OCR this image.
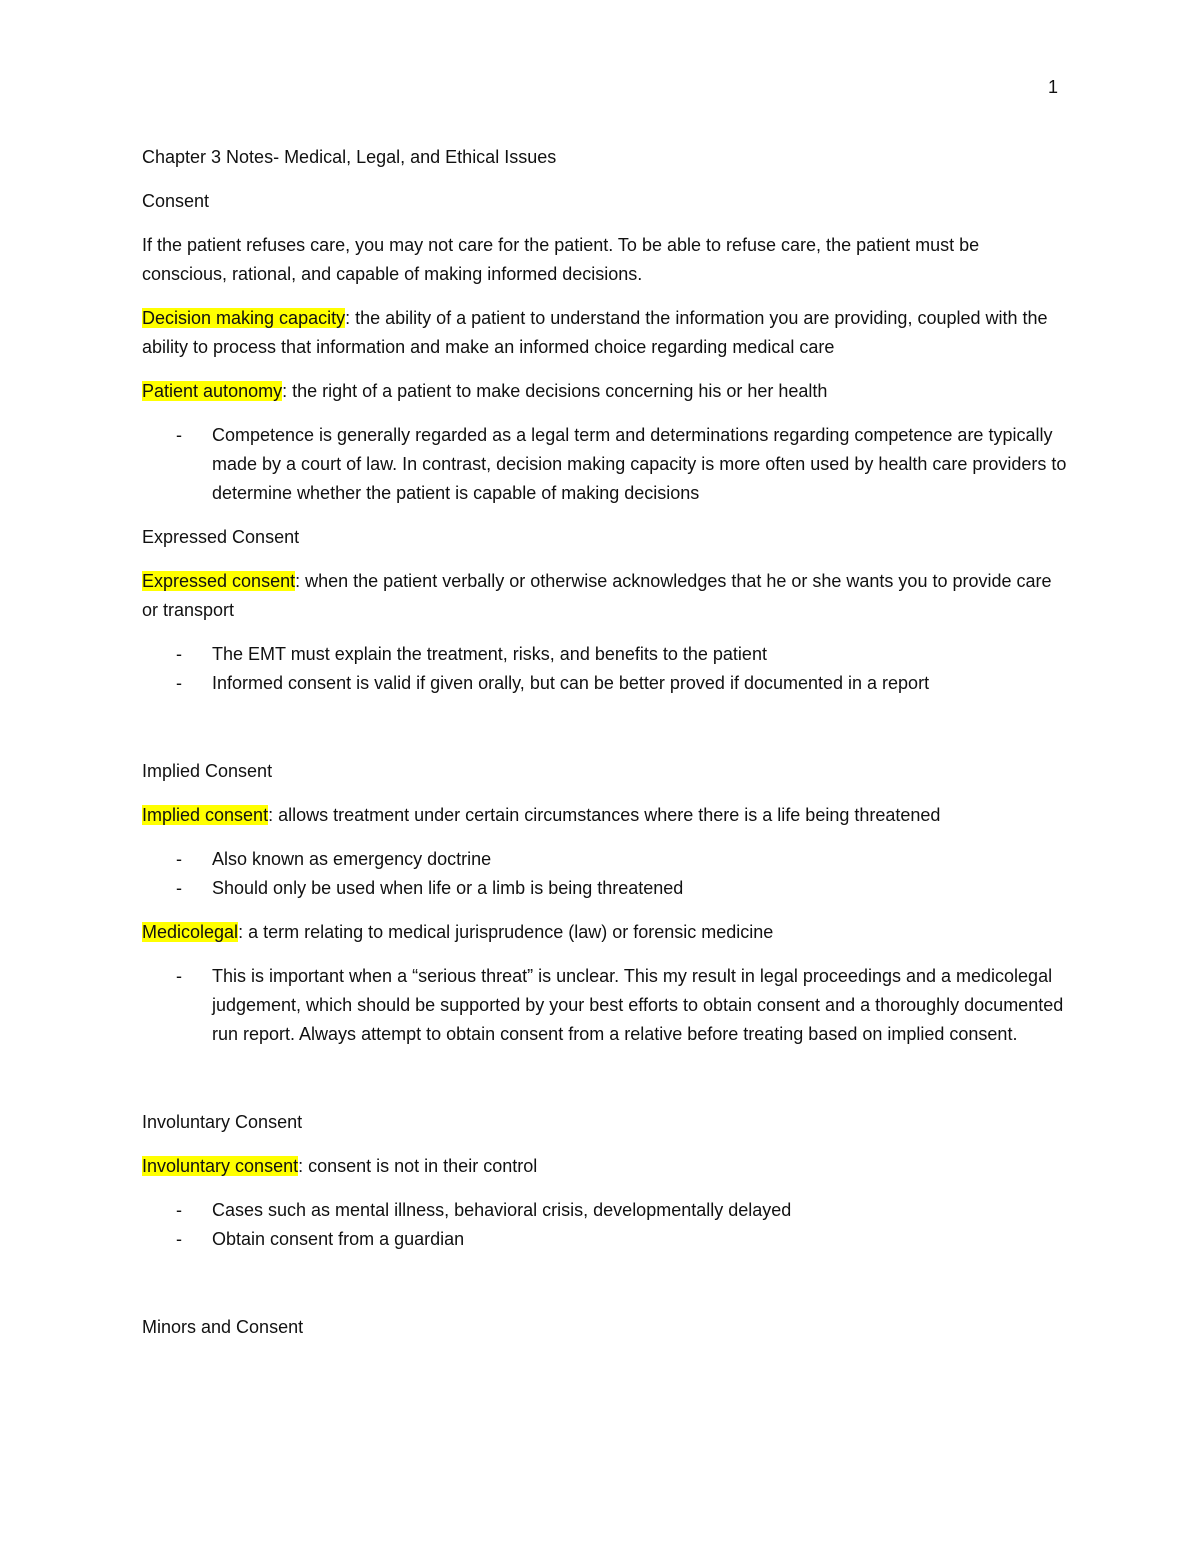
1

Chapter 3 Notes- Medical, Legal, and Ethical Issues

Consent

If the patient refuses care, you may not care for the patient. To be able to refuse care, the patient must be conscious, rational, and capable of making informed decisions.

Decision making capacity: the ability of a patient to understand the information you are providing, coupled with the ability to process that information and make an informed choice regarding medical care

Patient autonomy: the right of a patient to make decisions concerning his or her health

- Competence is generally regarded as a legal term and determinations regarding competence are typically made by a court of law. In contrast, decision making capacity is more often used by health care providers to determine whether the patient is capable of making decisions

Expressed Consent

Expressed consent: when the patient verbally or otherwise acknowledges that he or she wants you to provide care or transport

- The EMT must explain the treatment, risks, and benefits to the patient
- Informed consent is valid if given orally, but can be better proved if documented in a report

Implied Consent

Implied consent: allows treatment under certain circumstances where there is a life being threatened

- Also known as emergency doctrine
- Should only be used when life or a limb is being threatened

Medicolegal: a term relating to medical jurisprudence (law) or forensic medicine

- This is important when a “serious threat” is unclear. This my result in legal proceedings and a medicolegal judgement, which should be supported by your best efforts to obtain consent and a thoroughly documented run report. Always attempt to obtain consent from a relative before treating based on implied consent.

Involuntary Consent

Involuntary consent: consent is not in their control

- Cases such as mental illness, behavioral crisis, developmentally delayed
- Obtain consent from a guardian

Minors and Consent
